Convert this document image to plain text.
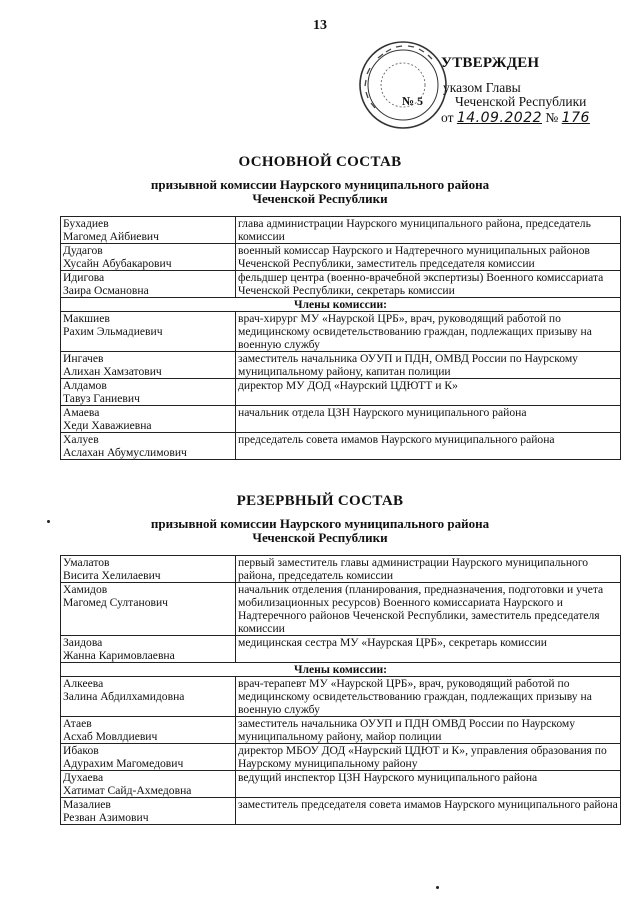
13
№ 5
УТВЕРЖДЕН
указом Главы
Чеченской Республики
от 14.09.2022 № 176
ОСНОВНОЙ СОСТАВ
призывной комиссии Наурского муниципального района
Чеченской Республики
Бухадиев
Магомед Айбиевич	глава администрации Наурского муниципального района, председатель комиссии
Дудагов
Хусайн Абубакарович	военный комиссар Наурского и Надтеречного муниципальных районов Чеченской Республики, заместитель председателя комиссии
Идигова
Заира Османовна	фельдшер центра (военно-врачебной экспертизы) Военного комиссариата Чеченской Республики, секретарь комиссии
Члены комиссии:	
Макшиев
Рахим Эльмадиевич	врач-хирург МУ «Наурской ЦРБ», врач, руководящий работой по медицинскому освидетельствованию граждан, подлежащих призыву на военную службу
Ингачев
Алихан Хамзатович	заместитель начальника ОУУП и ПДН, ОМВД России по Наурскому муниципальному району, капитан полиции
Алдамов
Тавуз Ганиевич	директор МУ ДОД «Наурский ЦДЮТТ и К»
Амаева
Хеди Хаважиевна	начальник отдела ЦЗН Наурского муниципального района
Халуев
Аслахан Абумуслимович	председатель совета имамов Наурского муниципального района
РЕЗЕРВНЫЙ СОСТАВ
призывной комиссии Наурского муниципального района
Чеченской Республики
Умалатов
Висита Хелилаевич	первый заместитель главы администрации Наурского муниципального района, председатель комиссии
Хамидов
Магомед Султанович	начальник отделения (планирования, предназначения, подготовки и учета мобилизационных ресурсов) Военного комиссариата Наурского и Надтеречного районов Чеченской Республики, заместитель председателя комиссии
Заидова
Жанна Каримовлаевна	медицинская сестра МУ «Наурская ЦРБ», секретарь комиссии
Члены комиссии:	
Алкеева
Залина Абдилхамидовна	врач-терапевт МУ «Наурской ЦРБ», врач, руководящий работой по медицинскому освидетельствованию граждан, подлежащих призыву на военную службу
Атаев
Асхаб Мовлдиевич	заместитель начальника ОУУП и ПДН ОМВД России по Наурскому муниципальному району, майор полиции
Ибаков
Адурахим Магомедович	директор МБОУ ДОД «Наурский ЦДЮТ и К», управления образования по Наурскому муниципальному району
Духаева
Хатимат Сайд-Ахмедовна	ведущий инспектор ЦЗН Наурского муниципального района
Мазалиев
Резван Азимович	заместитель председателя совета имамов Наурского муниципального района
